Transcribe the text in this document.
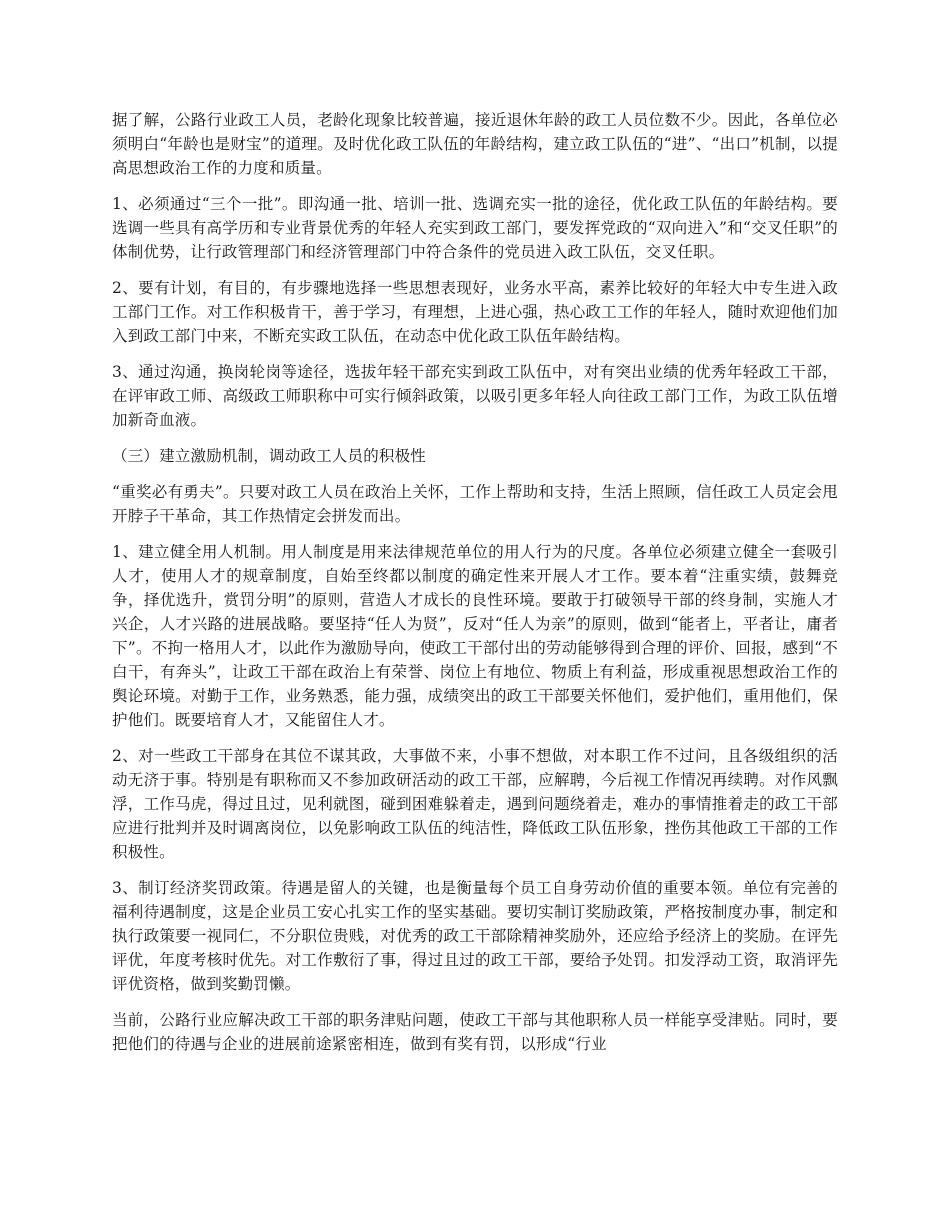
据了解，公路行业政工人员，老龄化现象比较普遍，接近退休年龄的政工人员位数不少。因此，各单位必须明白“年龄也是财宝”的道理。及时优化政工队伍的年龄结构，建立政工队伍的“进”、“出口”机制，以提高思想政治工作的力度和质量。

1、必须通过“三个一批”。即沟通一批、培训一批、选调充实一批的途径，优化政工队伍的年龄结构。要选调一些具有高学历和专业背景优秀的年轻人充实到政工部门，要发挥党政的“双向进入”和“交叉任职”的体制优势，让行政管理部门和经济管理部门中符合条件的党员进入政工队伍，交叉任职。

2、要有计划，有目的，有步骤地选择一些思想表现好，业务水平高，素养比较好的年轻大中专生进入政工部门工作。对工作积极肯干，善于学习，有理想，上进心强，热心政工工作的年轻人，随时欢迎他们加入到政工部门中来，不断充实政工队伍，在动态中优化政工队伍年龄结构。

3、通过沟通，换岗轮岗等途径，选拔年轻干部充实到政工队伍中，对有突出业绩的优秀年轻政工干部，在评审政工师、高级政工师职称中可实行倾斜政策，以吸引更多年轻人向往政工部门工作，为政工队伍增加新奇血液。

（三）建立激励机制，调动政工人员的积极性

“重奖必有勇夫”。只要对政工人员在政治上关怀，工作上帮助和支持，生活上照顾，信任政工人员定会甩开脖子干革命，其工作热情定会拼发而出。

1、建立健全用人机制。用人制度是用来法律规范单位的用人行为的尺度。各单位必须建立健全一套吸引人才，使用人才的规章制度，自始至终都以制度的确定性来开展人才工作。要本着“注重实绩，鼓舞竞争，择优选升，赏罚分明”的原则，营造人才成长的良性环境。要敢于打破领导干部的终身制，实施人才兴企，人才兴路的进展战略。要坚持“任人为贤”，反对“任人为亲”的原则，做到“能者上，平者让，庸者下”。不拘一格用人才，以此作为激励导向，使政工干部付出的劳动能够得到合理的评价、回报，感到“不白干，有奔头”，让政工干部在政治上有荣誉、岗位上有地位、物质上有利益，形成重视思想政治工作的舆论环境。对勤于工作，业务熟悉，能力强，成绩突出的政工干部要关怀他们，爱护他们，重用他们，保护他们。既要培育人才，又能留住人才。

2、对一些政工干部身在其位不谋其政，大事做不来，小事不想做，对本职工作不过问，且各级组织的活动无济于事。特别是有职称而又不参加政研活动的政工干部，应解聘，今后视工作情况再续聘。对作风飘浮，工作马虎，得过且过，见利就图，碰到困难躲着走，遇到问题绕着走，难办的事情推着走的政工干部应进行批判并及时调离岗位，以免影响政工队伍的纯洁性，降低政工队伍形象，挫伤其他政工干部的工作积极性。

3、制订经济奖罚政策。待遇是留人的关键，也是衡量每个员工自身劳动价值的重要本领。单位有完善的福利待遇制度，这是企业员工安心扎实工作的坚实基础。要切实制订奖励政策，严格按制度办事，制定和执行政策要一视同仁，不分职位贵贱，对优秀的政工干部除精神奖励外，还应给予经济上的奖励。在评先评优，年度考核时优先。对工作敷衍了事，得过且过的政工干部，要给予处罚。扣发浮动工资，取消评先评优资格，做到奖勤罚懒。

当前，公路行业应解决政工干部的职务津贴问题，使政工干部与其他职称人员一样能享受津贴。同时，要把他们的待遇与企业的进展前途紧密相连，做到有奖有罚，以形成“行业
